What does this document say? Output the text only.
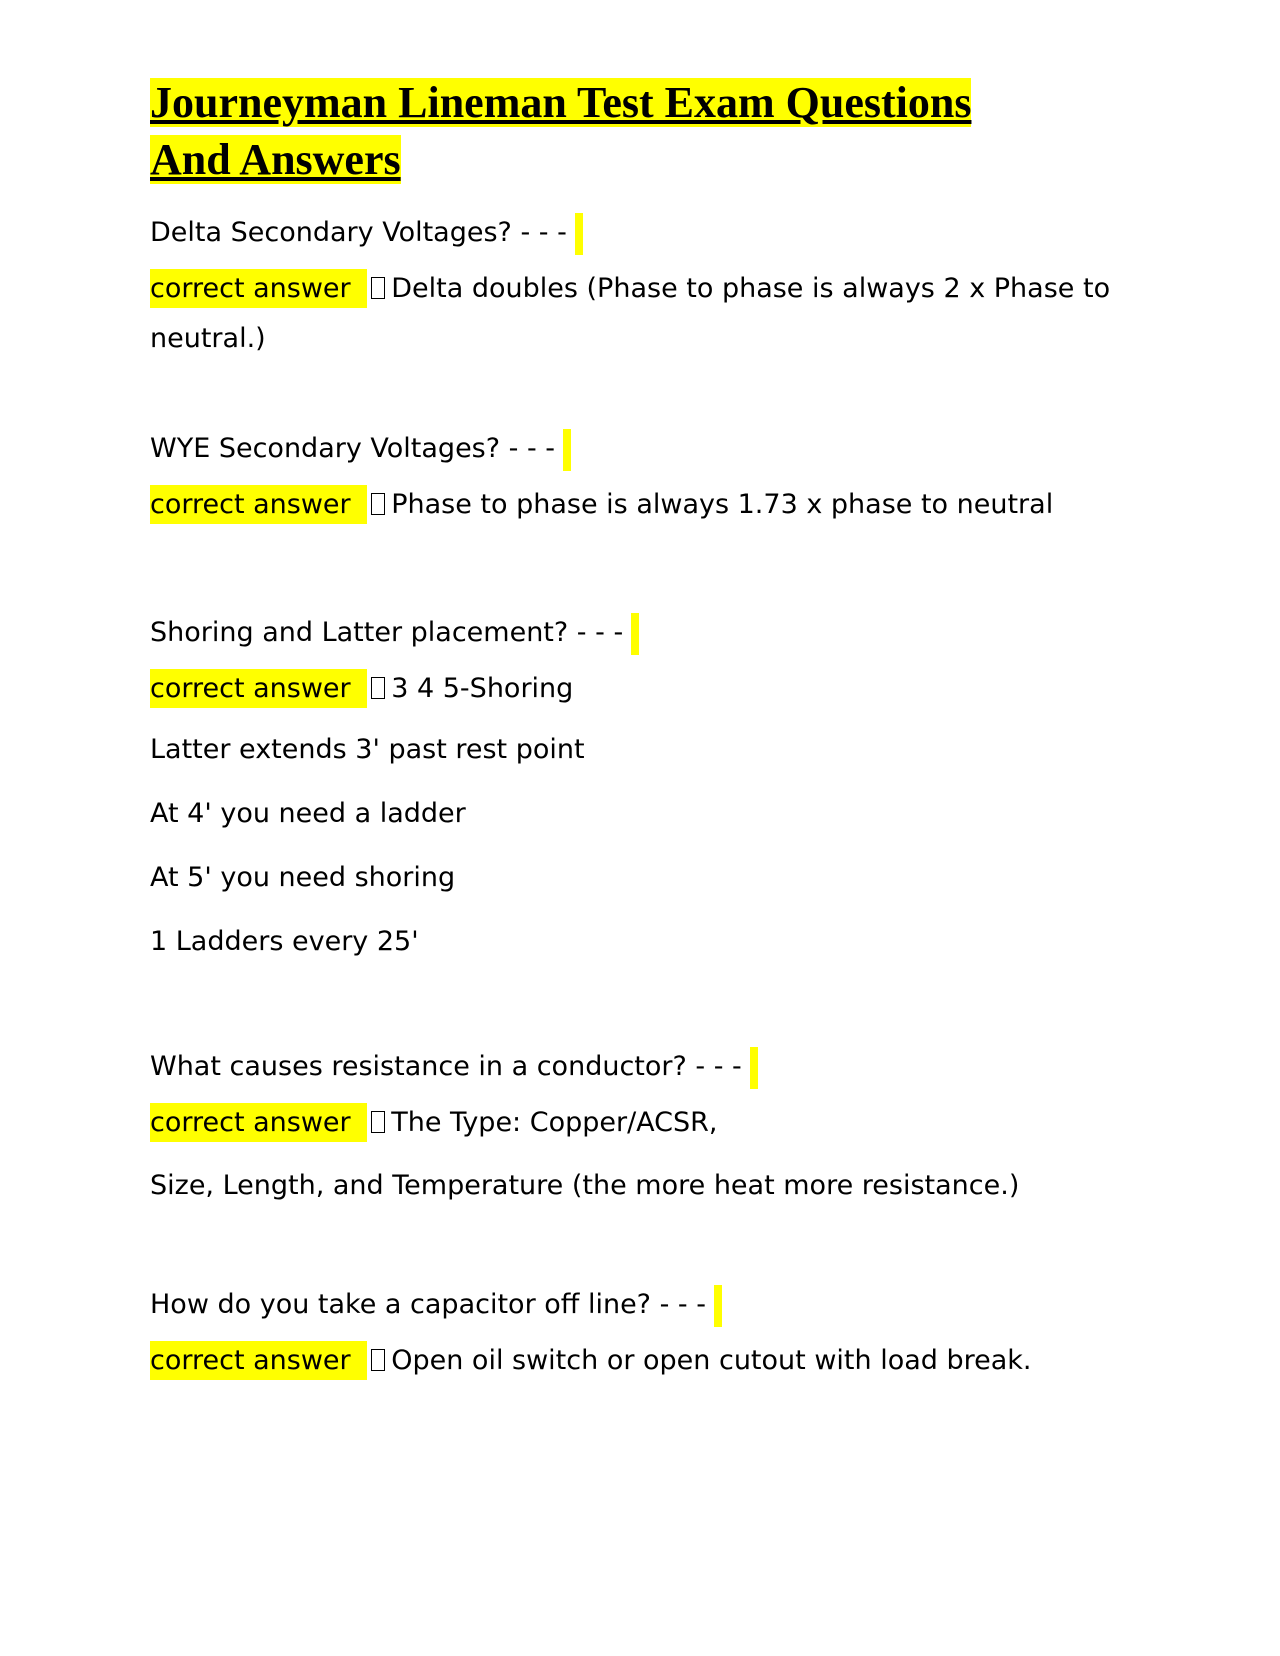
Journeyman Lineman Test Exam Questions
And Answers
Delta Secondary Voltages? - - -
correct answer Delta doubles (Phase to phase is always 2 x Phase to neutral.)
WYE Secondary Voltages? - - -
correct answer Phase to phase is always 1.73 x phase to neutral
Shoring and Latter placement? - - -
correct answer 3 4 5-Shoring
Latter extends 3' past rest point
At 4' you need a ladder
At 5' you need shoring
1 Ladders every 25'
What causes resistance in a conductor? - - -
correct answer The Type: Copper/ACSR,
Size, Length, and Temperature (the more heat more resistance.)
How do you take a capacitor off line? - - -
correct answer Open oil switch or open cutout with load break.
